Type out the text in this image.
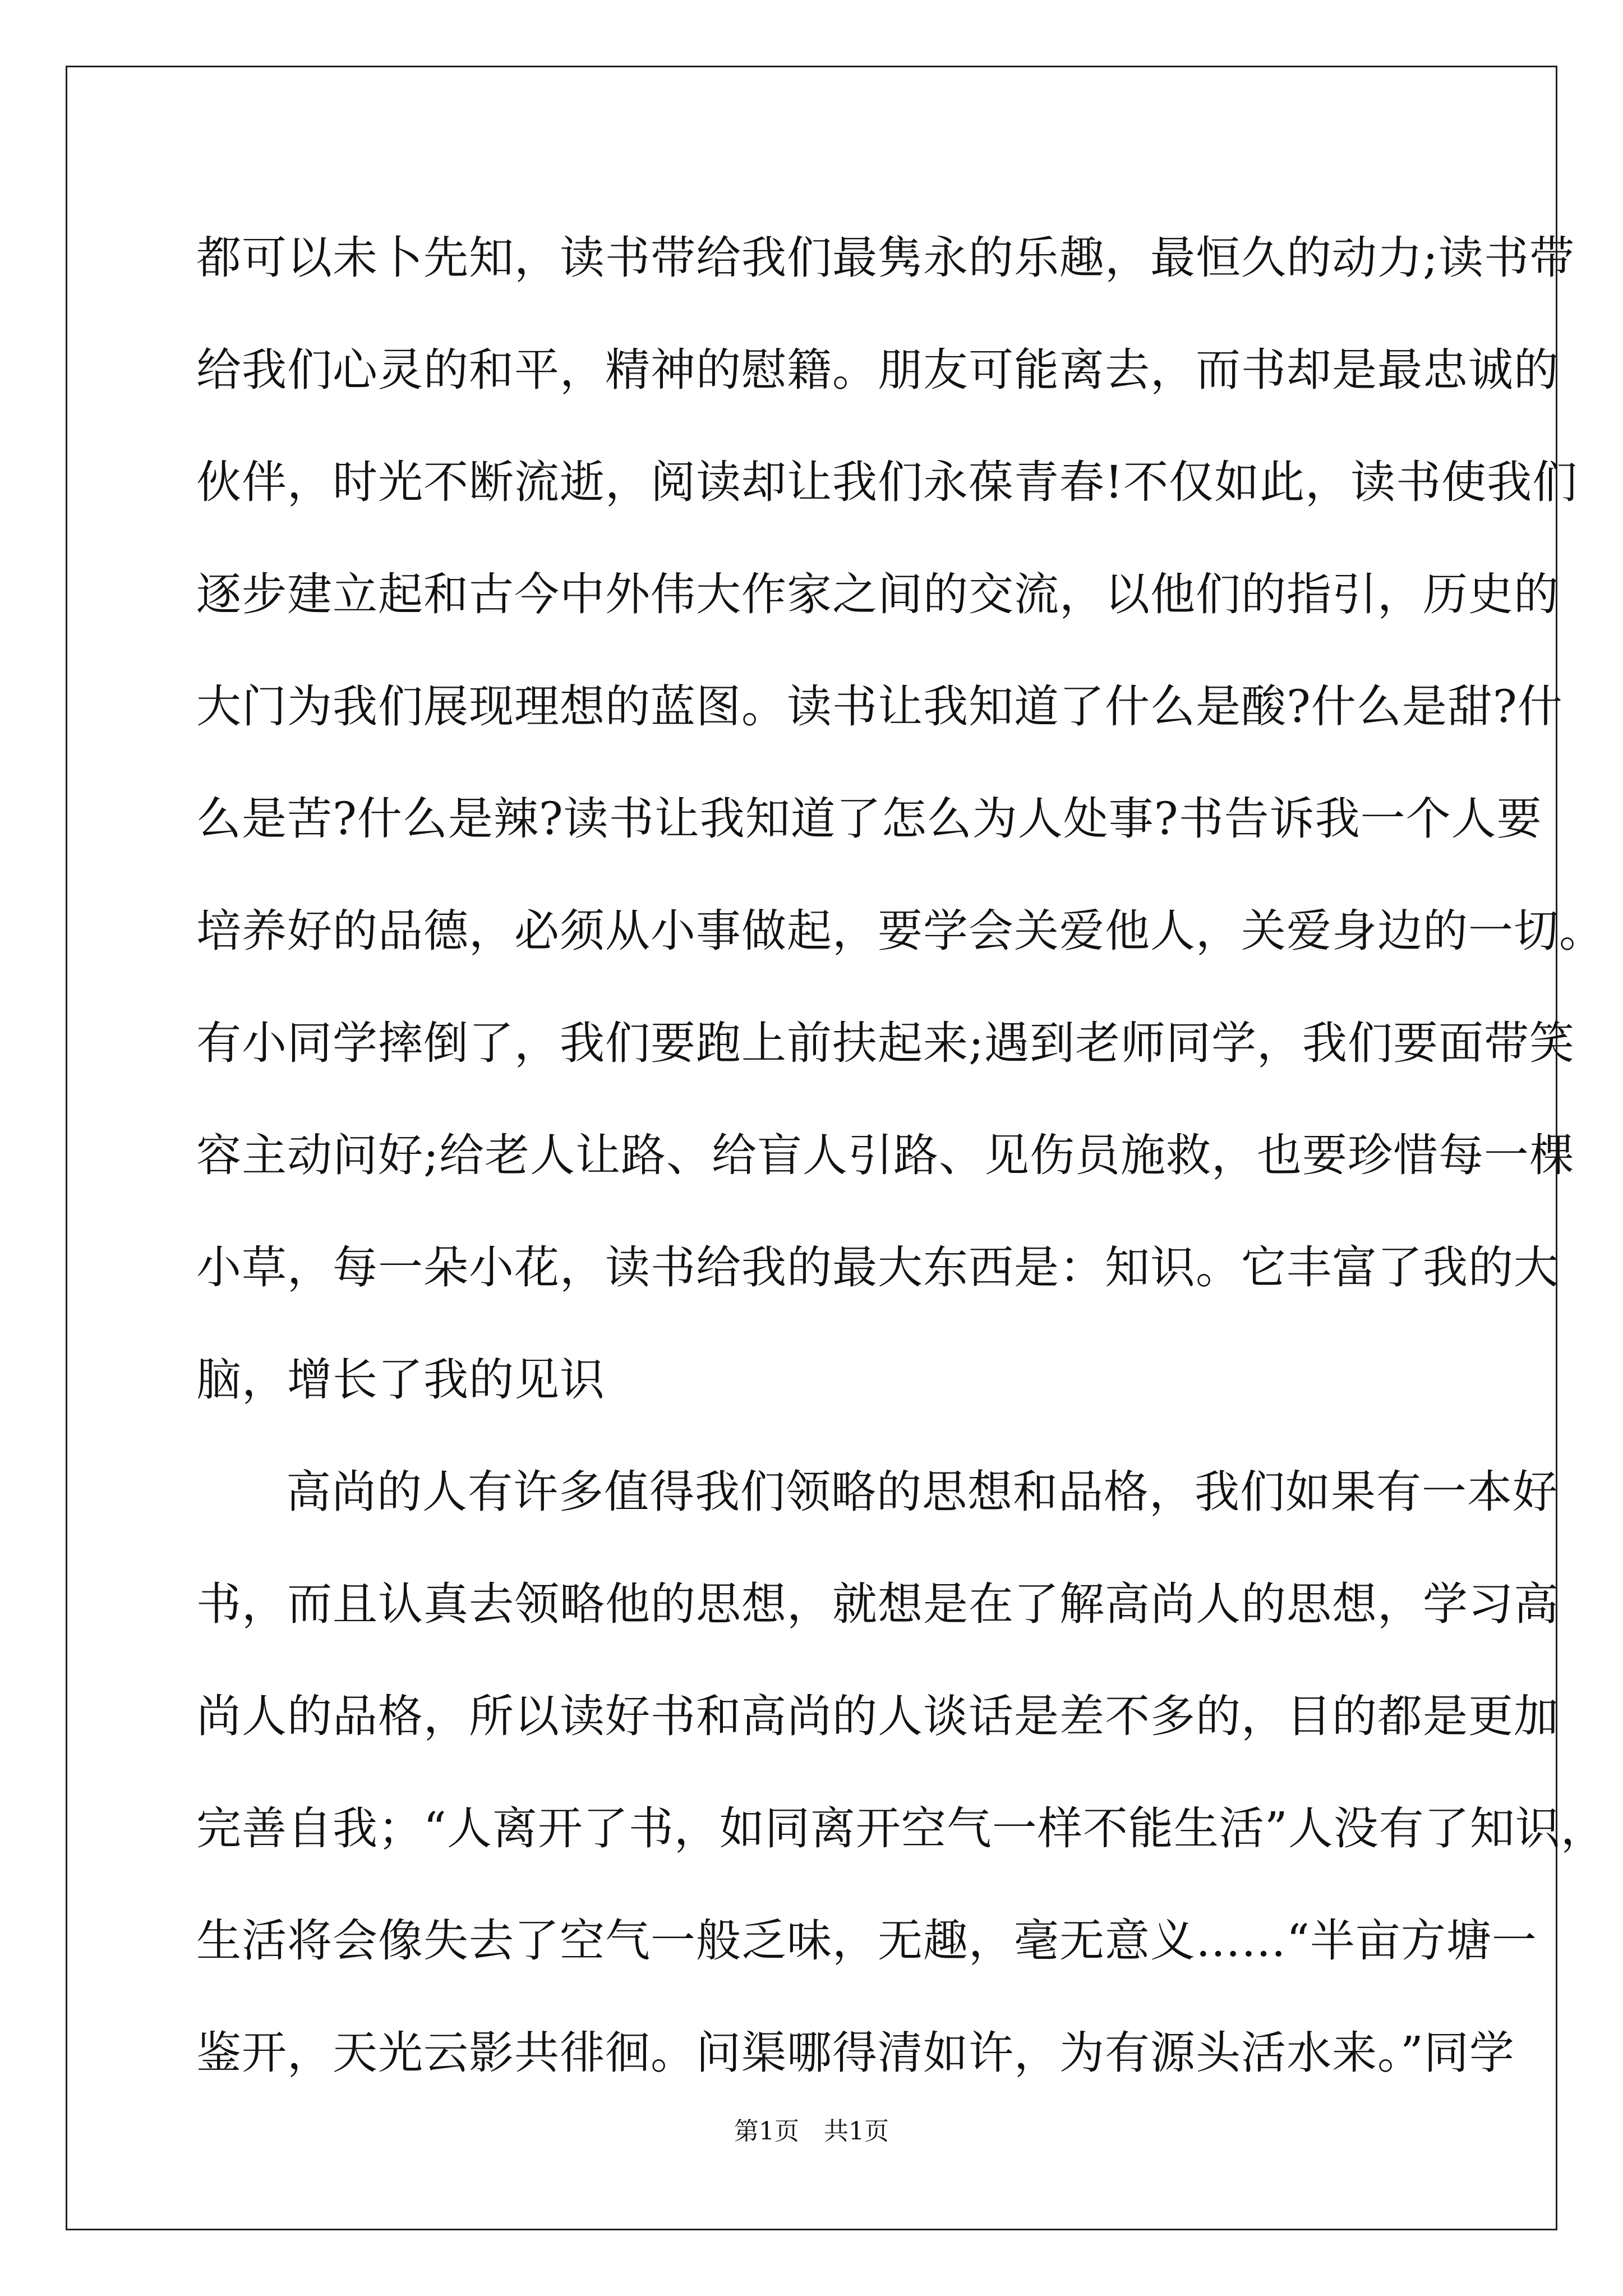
都可以未卜先知，读书带给我们最隽永的乐趣，最恒久的动力;读书带
给我们心灵的和平，精神的慰籍。朋友可能离去，而书却是最忠诚的
伙伴，时光不断流逝，阅读却让我们永葆青春!不仅如此，读书使我们
逐步建立起和古今中外伟大作家之间的交流，以他们的指引，历史的
大门为我们展现理想的蓝图。读书让我知道了什么是酸?什么是甜?什
么是苦?什么是辣?读书让我知道了怎么为人处事?书告诉我一个人要
培养好的品德，必须从小事做起，要学会关爱他人，关爱身边的一切。
有小同学摔倒了，我们要跑上前扶起来;遇到老师同学，我们要面带笑
容主动问好;给老人让路、给盲人引路、见伤员施救，也要珍惜每一棵
小草，每一朵小花，读书给我的最大东西是：知识。它丰富了我的大
脑，增长了我的见识
高尚的人有许多值得我们领略的思想和品格，我们如果有一本好
书，而且认真去领略他的思想，就想是在了解高尚人的思想，学习高
尚人的品格，所以读好书和高尚的人谈话是差不多的，目的都是更加
完善自我；“人离开了书，如同离开空气一样不能生活”人没有了知识，
生活将会像失去了空气一般乏味，无趣，毫无意义……“半亩方塘一
鉴开，天光云影共徘徊。问渠哪得清如许，为有源头活水来。”同学
第1页　共1页
